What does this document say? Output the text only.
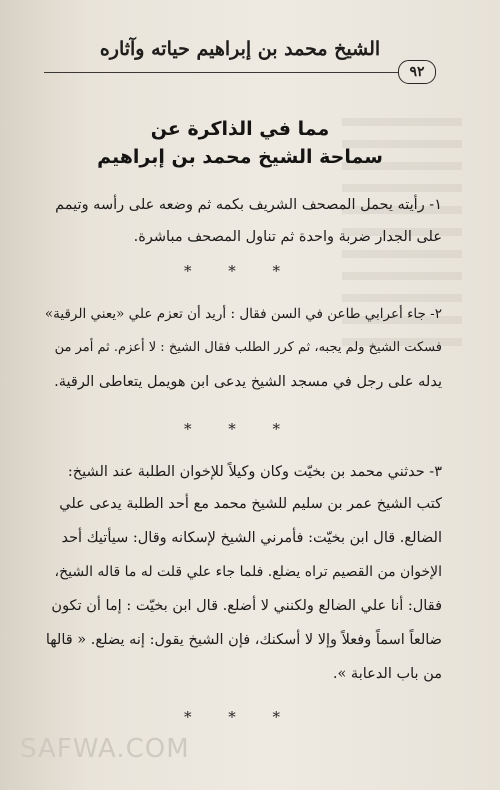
الشيخ محمد بن إبراهيم حياته وآثاره
٩٢
مما في الذاكرة عن
سماحة الشيخ محمد بن إبراهيم
١- رأيته يحمل المصحف الشريف بكمه ثم وضعه على رأسه وتيمم
على الجدار ضربة واحدة ثم تناول المصحف مباشرة.
* * *
٢- جاء أعرابي طاعن في السن فقال : أريد أن تعزم علي «يعني الرقية»
فسكت الشيخ ولم يجبه، ثم كرر الطلب فقال الشيخ : لا أعزم. ثم أمر من
يدله على رجل في مسجد الشيخ يدعى ابن هويمل يتعاطى الرقية.
* * *
٣- حدثني محمد بن بخيّت وكان وكيلاً للإخوان الطلبة عند الشيخ:
كتب الشيخ عمر بن سليم للشيخ محمد مع أحد الطلبة يدعى علي
الضالع. قال ابن بخيّت: فأمرني الشيخ لإسكانه وقال: سيأتيك أحد
الإخوان من القصيم تراه يضلع. فلما جاء علي قلت له ما قاله الشيخ،
فقال: أنا علي الضالع ولكنني لا أضلع. قال ابن بخيّت : إما أن تكون
ضالعاً اسماً وفعلاً وإلا لا أسكنك، فإن الشيخ يقول: إنه يضلع. « قالها
من باب الدعابة ».
* * *
SAFWA.COM
